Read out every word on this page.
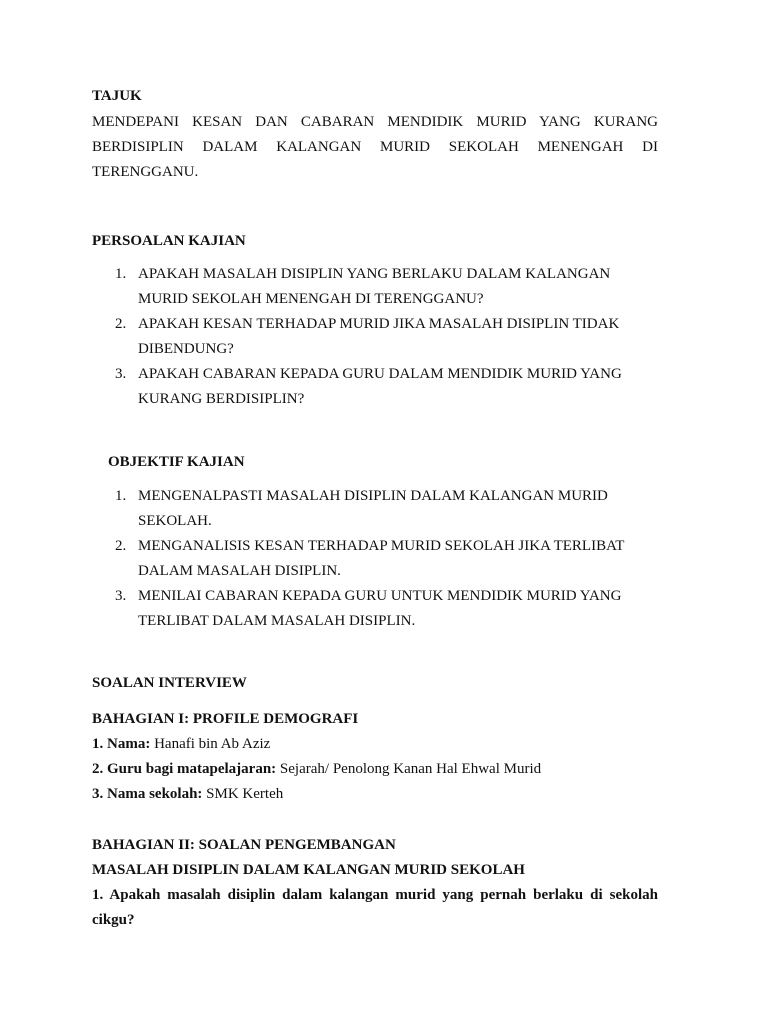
TAJUK

MENDEPANI KESAN DAN CABARAN MENDIDIK MURID YANG KURANG
BERDISIPLIN DALAM KALANGAN MURID SEKOLAH MENENGAH DI
TERENGGANU.

PERSOALAN KAJIAN

1. APAKAH MASALAH DISIPLIN YANG BERLAKU DALAM KALANGAN
MURID SEKOLAH MENENGAH DI TERENGGANU?
2. APAKAH KESAN TERHADAP MURID JIKA MASALAH DISIPLIN TIDAK
DIBENDUNG?
3. APAKAH CABARAN KEPADA GURU DALAM MENDIDIK MURID YANG
KURANG BERDISIPLIN?

OBJEKTIF KAJIAN

1. MENGENALPASTI MASALAH DISIPLIN DALAM KALANGAN MURID
SEKOLAH.
2. MENGANALISIS KESAN TERHADAP MURID SEKOLAH JIKA TERLIBAT
DALAM MASALAH DISIPLIN.
3. MENILAI CABARAN KEPADA GURU UNTUK MENDIDIK MURID YANG
TERLIBAT DALAM MASALAH DISIPLIN.

SOALAN INTERVIEW

BAHAGIAN I: PROFILE DEMOGRAFI

1. Nama: Hanafi bin Ab Aziz

2. Guru bagi matapelajaran: Sejarah/ Penolong Kanan Hal Ehwal Murid

3. Nama sekolah: SMK Kerteh

BAHAGIAN II: SOALAN PENGEMBANGAN

MASALAH DISIPLIN DALAM KALANGAN MURID SEKOLAH

1. Apakah masalah disiplin dalam kalangan murid yang pernah berlaku di sekolah
cikgu?
